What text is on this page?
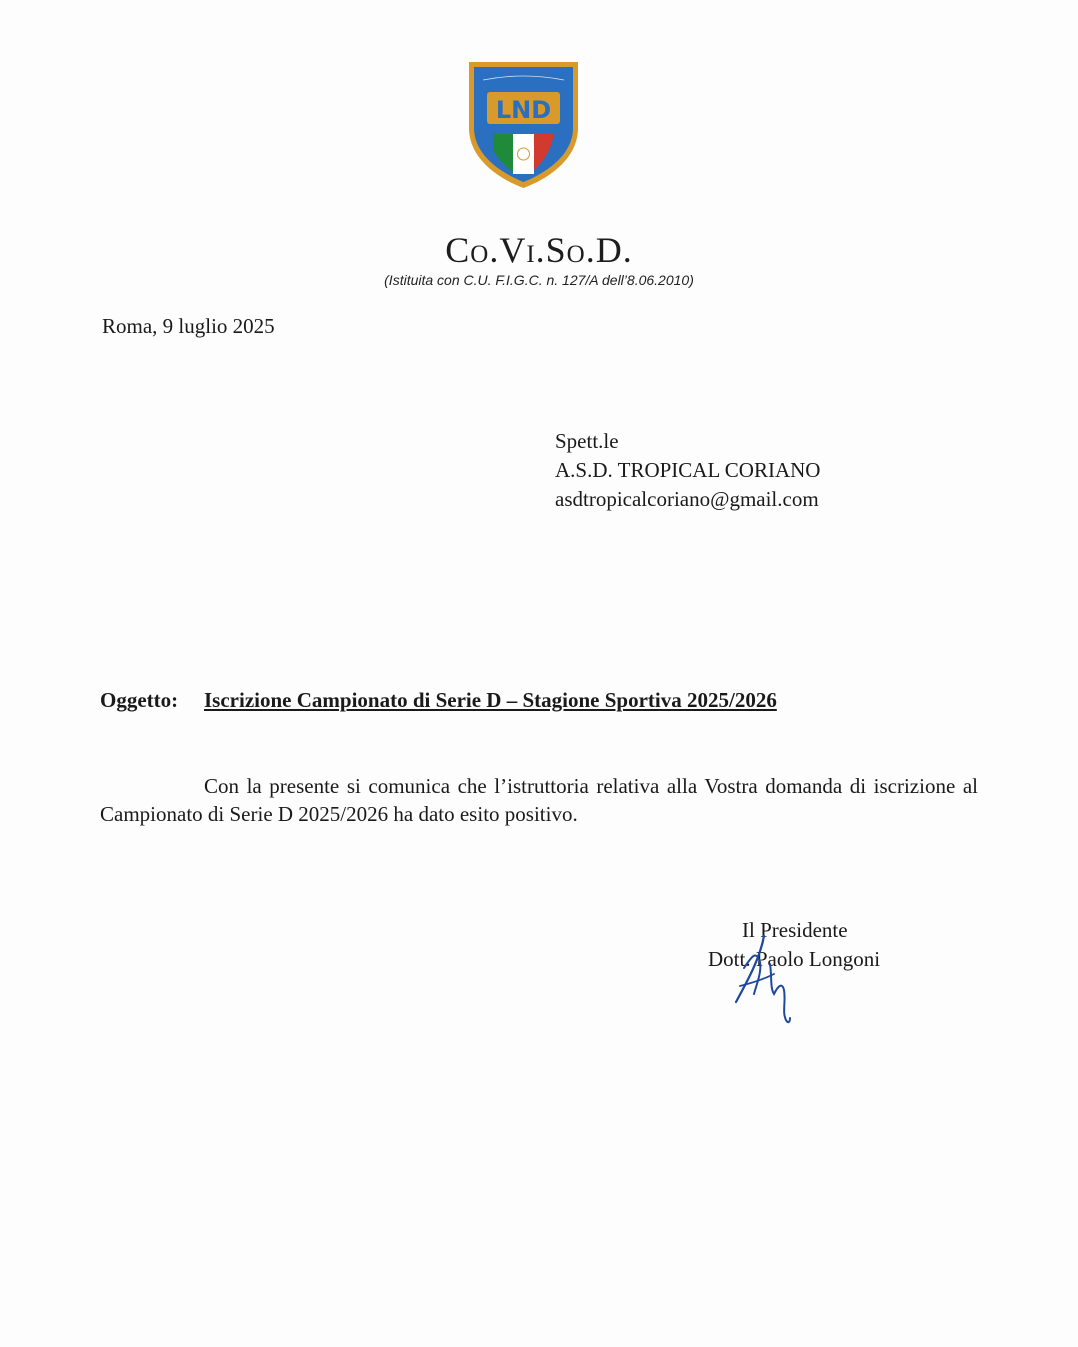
LND
Co.Vi.So.D.
(Istituita con C.U. F.I.G.C. n. 127/A dell’8.06.2010)
Roma, 9 luglio 2025
Spett.le
A.S.D. TROPICAL CORIANO
asdtropicalcoriano@gmail.com
Oggetto: Iscrizione Campionato di Serie D – Stagione Sportiva 2025/2026
Con la presente si comunica che l’istruttoria relativa alla Vostra domanda di iscrizione al Campionato di Serie D 2025/2026 ha dato esito positivo.
Il Presidente
Dott. Paolo Longoni
